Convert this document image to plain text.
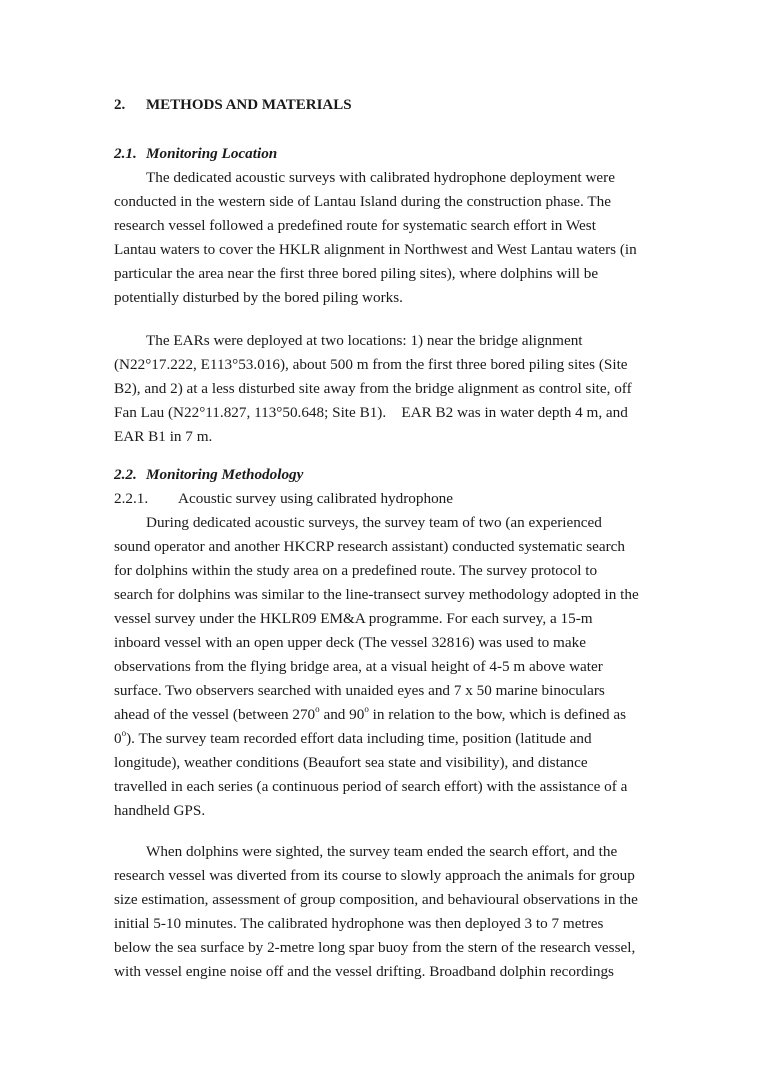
2. METHODS AND MATERIALS
2.1. Monitoring Location
The dedicated acoustic surveys with calibrated hydrophone deployment were
conducted in the western side of Lantau Island during the construction phase. The
research vessel followed a predefined route for systematic search effort in West
Lantau waters to cover the HKLR alignment in Northwest and West Lantau waters (in
particular the area near the first three bored piling sites), where dolphins will be
potentially disturbed by the bored piling works.
The EARs were deployed at two locations: 1) near the bridge alignment
(N22°17.222, E113°53.016), about 500 m from the first three bored piling sites (Site
B2), and 2) at a less disturbed site away from the bridge alignment as control site, off
Fan Lau (N22°11.827, 113°50.648; Site B1).    EAR B2 was in water depth 4 m, and
EAR B1 in 7 m.
2.2. Monitoring Methodology
2.2.1. Acoustic survey using calibrated hydrophone
During dedicated acoustic surveys, the survey team of two (an experienced
sound operator and another HKCRP research assistant) conducted systematic search
for dolphins within the study area on a predefined route. The survey protocol to
search for dolphins was similar to the line-transect survey methodology adopted in the
vessel survey under the HKLR09 EM&A programme. For each survey, a 15-m
inboard vessel with an open upper deck (The vessel 32816) was used to make
observations from the flying bridge area, at a visual height of 4-5 m above water
surface. Two observers searched with unaided eyes and 7 x 50 marine binoculars
ahead of the vessel (between 270$^o$ and 90$^o$ in relation to the bow, which is defined as
0$^o$). The survey team recorded effort data including time, position (latitude and
longitude), weather conditions (Beaufort sea state and visibility), and distance
travelled in each series (a continuous period of search effort) with the assistance of a
handheld GPS.
When dolphins were sighted, the survey team ended the search effort, and the
research vessel was diverted from its course to slowly approach the animals for group
size estimation, assessment of group composition, and behavioural observations in the
initial 5-10 minutes. The calibrated hydrophone was then deployed 3 to 7 metres
below the sea surface by 2-metre long spar buoy from the stern of the research vessel,
with vessel engine noise off and the vessel drifting. Broadband dolphin recordings
